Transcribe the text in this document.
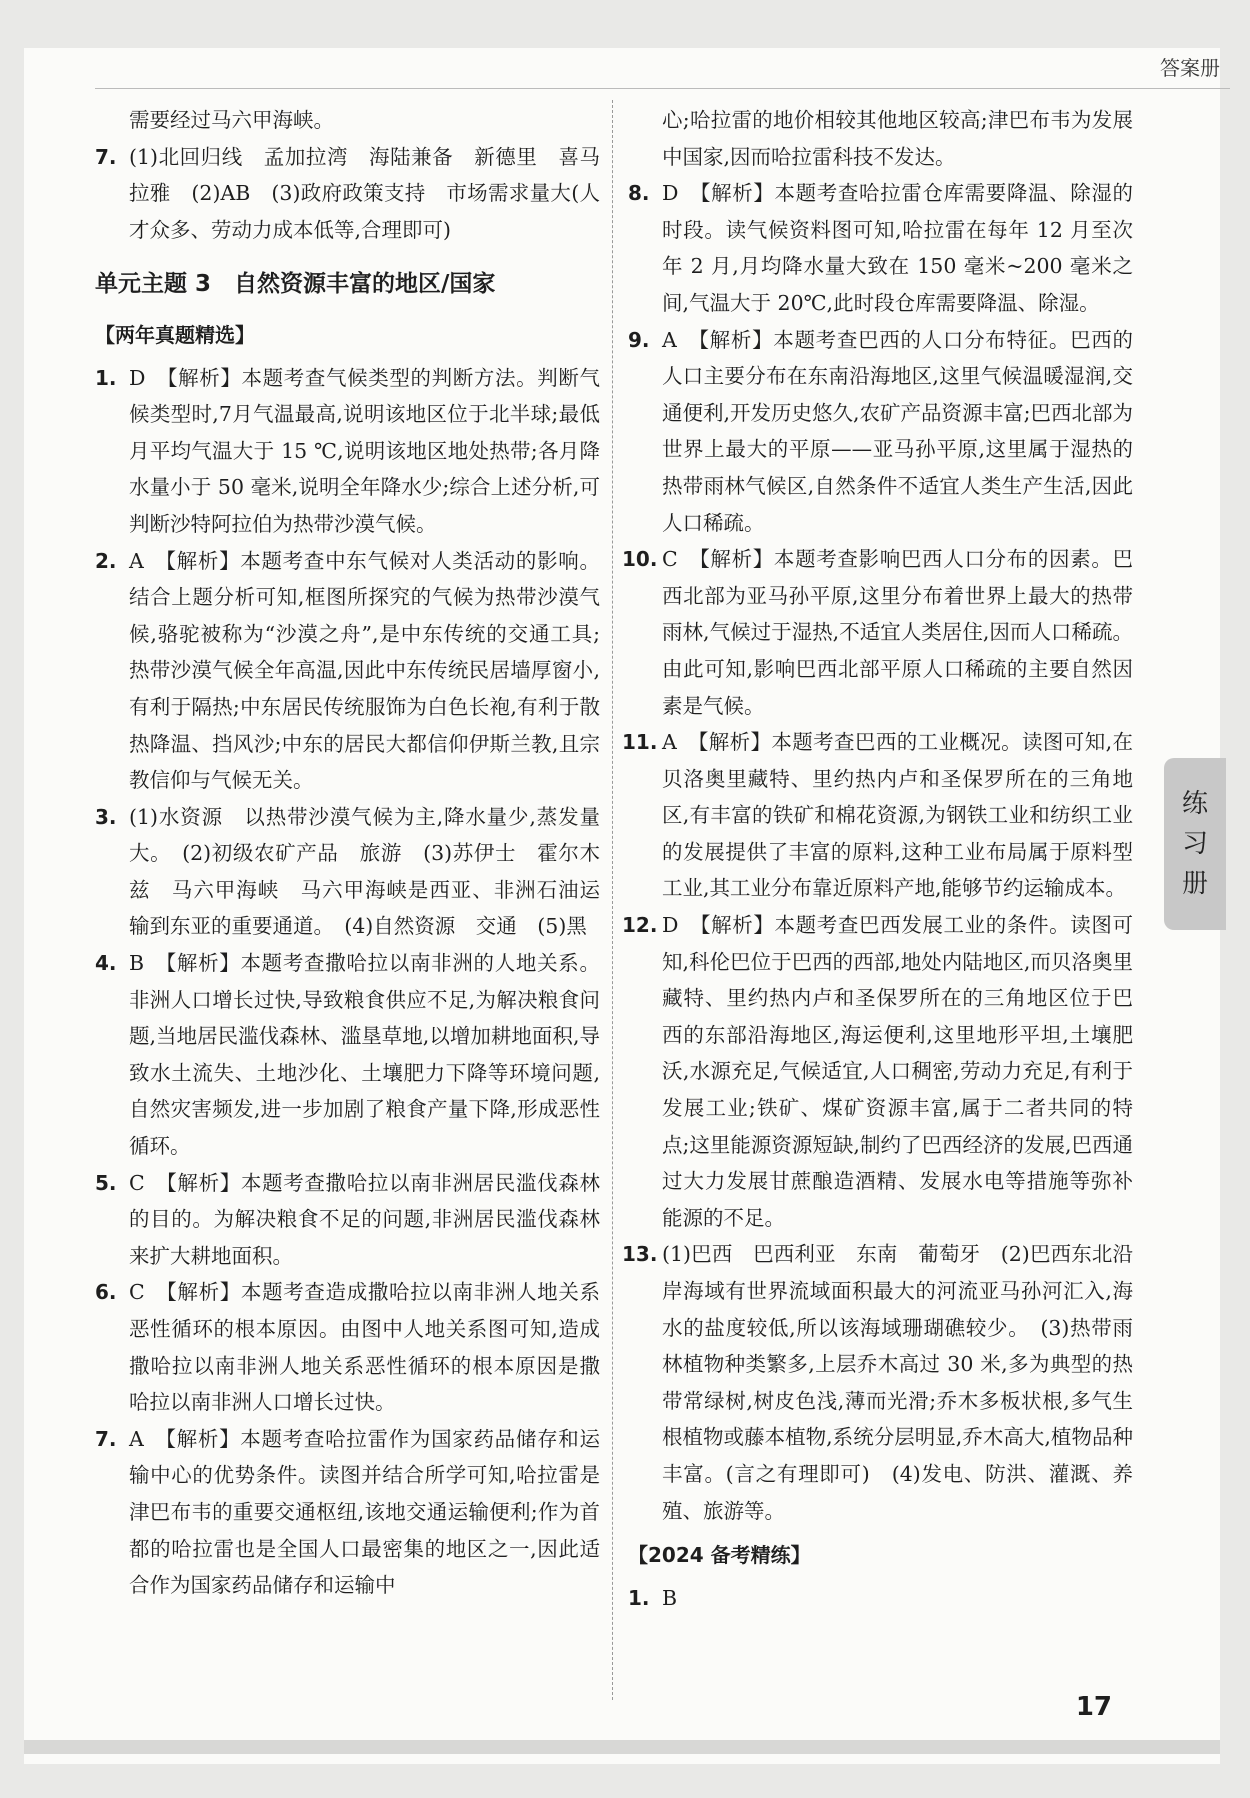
答案册
需要经过马六甲海峡。
7. (1)北回归线　孟加拉湾　海陆兼备　新德里　喜马拉雅　(2)AB　(3)政府政策支持　市场需求量大(人才众多、劳动力成本低等,合理即可)
单元主题 3　自然资源丰富的地区/国家
【两年真题精选】
1. D　【解析】本题考查气候类型的判断方法。判断气候类型时,7月气温最高,说明该地区位于北半球;最低月平均气温大于 15 ℃,说明该地区地处热带;各月降水量小于 50 毫米,说明全年降水少;综合上述分析,可判断沙特阿拉伯为热带沙漠气候。
2. A　【解析】本题考查中东气候对人类活动的影响。结合上题分析可知,框图所探究的气候为热带沙漠气候,骆驼被称为“沙漠之舟”,是中东传统的交通工具;热带沙漠气候全年高温,因此中东传统民居墙厚窗小,有利于隔热;中东居民传统服饰为白色长袍,有利于散热降温、挡风沙;中东的居民大都信仰伊斯兰教,且宗教信仰与气候无关。
3. (1)水资源　以热带沙漠气候为主,降水量少,蒸发量大。　(2)初级农矿产品　旅游　(3)苏伊士　霍尔木兹　马六甲海峡　马六甲海峡是西亚、非洲石油运输到东亚的重要通道。　(4)自然资源　交通　(5)黑
4. B　【解析】本题考查撒哈拉以南非洲的人地关系。非洲人口增长过快,导致粮食供应不足,为解决粮食问题,当地居民滥伐森林、滥垦草地,以增加耕地面积,导致水土流失、土地沙化、土壤肥力下降等环境问题,自然灾害频发,进一步加剧了粮食产量下降,形成恶性循环。
5. C　【解析】本题考查撒哈拉以南非洲居民滥伐森林的目的。为解决粮食不足的问题,非洲居民滥伐森林来扩大耕地面积。
6. C　【解析】本题考查造成撒哈拉以南非洲人地关系恶性循环的根本原因。由图中人地关系图可知,造成撒哈拉以南非洲人地关系恶性循环的根本原因是撒哈拉以南非洲人口增长过快。
7. A　【解析】本题考查哈拉雷作为国家药品储存和运输中心的优势条件。读图并结合所学可知,哈拉雷是津巴布韦的重要交通枢纽,该地交通运输便利;作为首都的哈拉雷也是全国人口最密集的地区之一,因此适合作为国家药品储存和运输中
心;哈拉雷的地价相较其他地区较高;津巴布韦为发展中国家,因而哈拉雷科技不发达。
8. D　【解析】本题考查哈拉雷仓库需要降温、除湿的时段。读气候资料图可知,哈拉雷在每年 12 月至次年 2 月,月均降水量大致在 150 毫米~200 毫米之间,气温大于 20℃,此时段仓库需要降温、除湿。
9. A　【解析】本题考查巴西的人口分布特征。巴西的人口主要分布在东南沿海地区,这里气候温暖湿润,交通便利,开发历史悠久,农矿产品资源丰富;巴西北部为世界上最大的平原——亚马孙平原,这里属于湿热的热带雨林气候区,自然条件不适宜人类生产生活,因此人口稀疏。
10. C　【解析】本题考查影响巴西人口分布的因素。巴西北部为亚马孙平原,这里分布着世界上最大的热带雨林,气候过于湿热,不适宜人类居住,因而人口稀疏。由此可知,影响巴西北部平原人口稀疏的主要自然因素是气候。
11. A　【解析】本题考查巴西的工业概况。读图可知,在贝洛奥里藏特、里约热内卢和圣保罗所在的三角地区,有丰富的铁矿和棉花资源,为钢铁工业和纺织工业的发展提供了丰富的原料,这种工业布局属于原料型工业,其工业分布靠近原料产地,能够节约运输成本。
12. D　【解析】本题考查巴西发展工业的条件。读图可知,科伦巴位于巴西的西部,地处内陆地区,而贝洛奥里藏特、里约热内卢和圣保罗所在的三角地区位于巴西的东部沿海地区,海运便利,这里地形平坦,土壤肥沃,水源充足,气候适宜,人口稠密,劳动力充足,有利于发展工业;铁矿、煤矿资源丰富,属于二者共同的特点;这里能源资源短缺,制约了巴西经济的发展,巴西通过大力发展甘蔗酿造酒精、发展水电等措施等弥补能源的不足。
13. (1)巴西　巴西利亚　东南　葡萄牙　(2)巴西东北沿岸海域有世界流域面积最大的河流亚马孙河汇入,海水的盐度较低,所以该海域珊瑚礁较少。　(3)热带雨林植物种类繁多,上层乔木高过 30 米,多为典型的热带常绿树,树皮色浅,薄而光滑;乔木多板状根,多气生根植物或藤本植物,系统分层明显,乔木高大,植物品种丰富。(言之有理即可)　(4)发电、防洪、灌溉、养殖、旅游等。
【2024 备考精练】
1. B
练
习
册
17
